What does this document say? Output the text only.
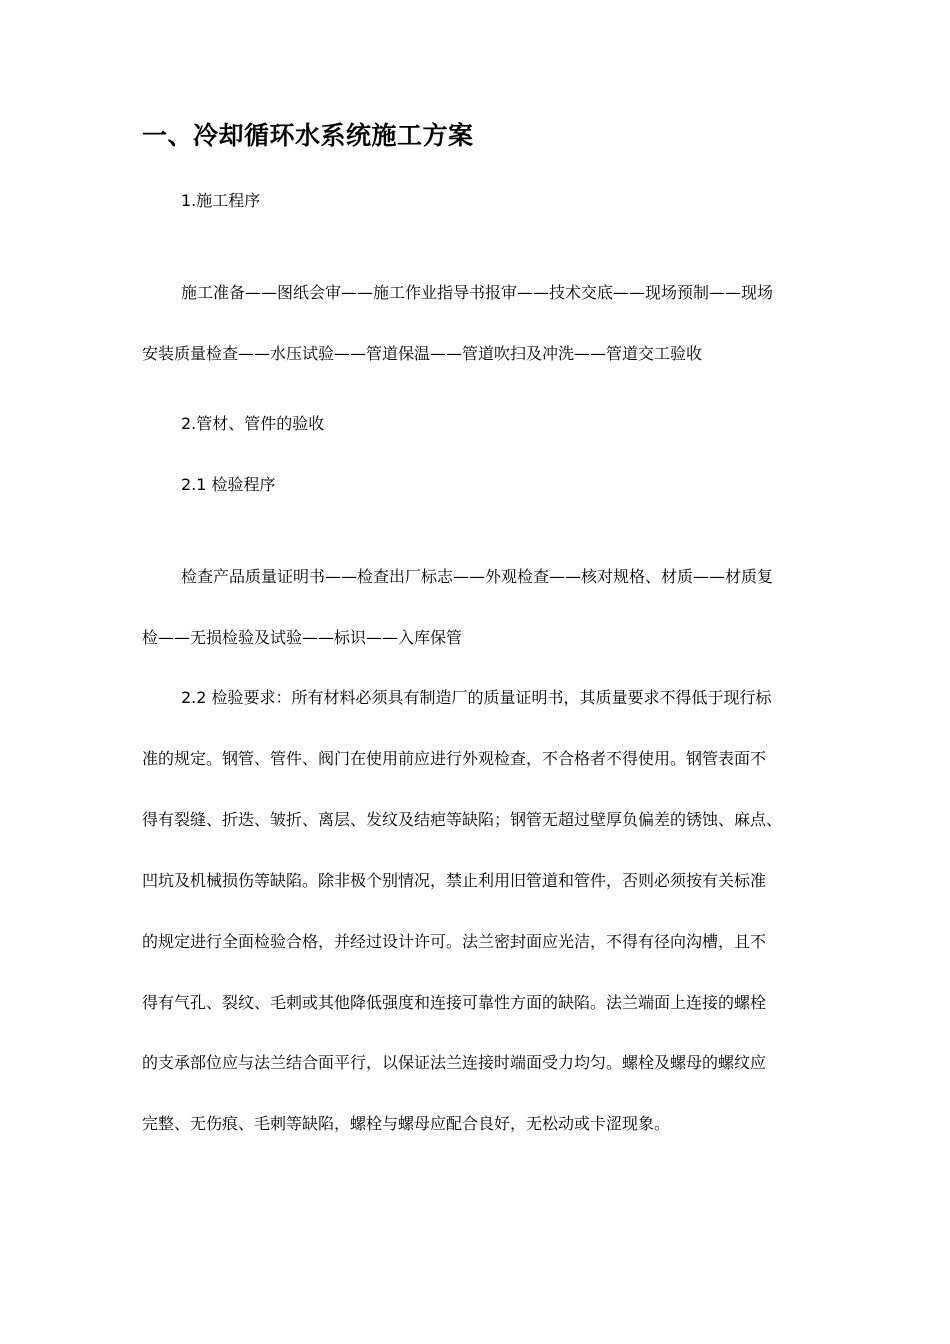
一、冷却循环水系统施工方案
1.施工程序
施工准备——图纸会审——施工作业指导书报审——技术交底——现场预制——现场
安装质量检查——水压试验——管道保温——管道吹扫及冲洗——管道交工验收
2.管材、管件的验收
2.1 检验程序
检查产品质量证明书——检查出厂标志——外观检查——核对规格、材质——材质复
检——无损检验及试验——标识——入库保管
2.2 检验要求：所有材料必须具有制造厂的质量证明书，其质量要求不得低于现行标
准的规定。钢管、管件、阀门在使用前应进行外观检查，不合格者不得使用。钢管表面不
得有裂缝、折迭、皱折、离层、发纹及结疤等缺陷；钢管无超过壁厚负偏差的锈蚀、麻点、
凹坑及机械损伤等缺陷。除非极个别情况，禁止利用旧管道和管件，否则必须按有关标准
的规定进行全面检验合格，并经过设计许可。法兰密封面应光洁，不得有径向沟槽，且不
得有气孔、裂纹、毛刺或其他降低强度和连接可靠性方面的缺陷。法兰端面上连接的螺栓
的支承部位应与法兰结合面平行，以保证法兰连接时端面受力均匀。螺栓及螺母的螺纹应
完整、无伤痕、毛刺等缺陷，螺栓与螺母应配合良好，无松动或卡涩现象。
